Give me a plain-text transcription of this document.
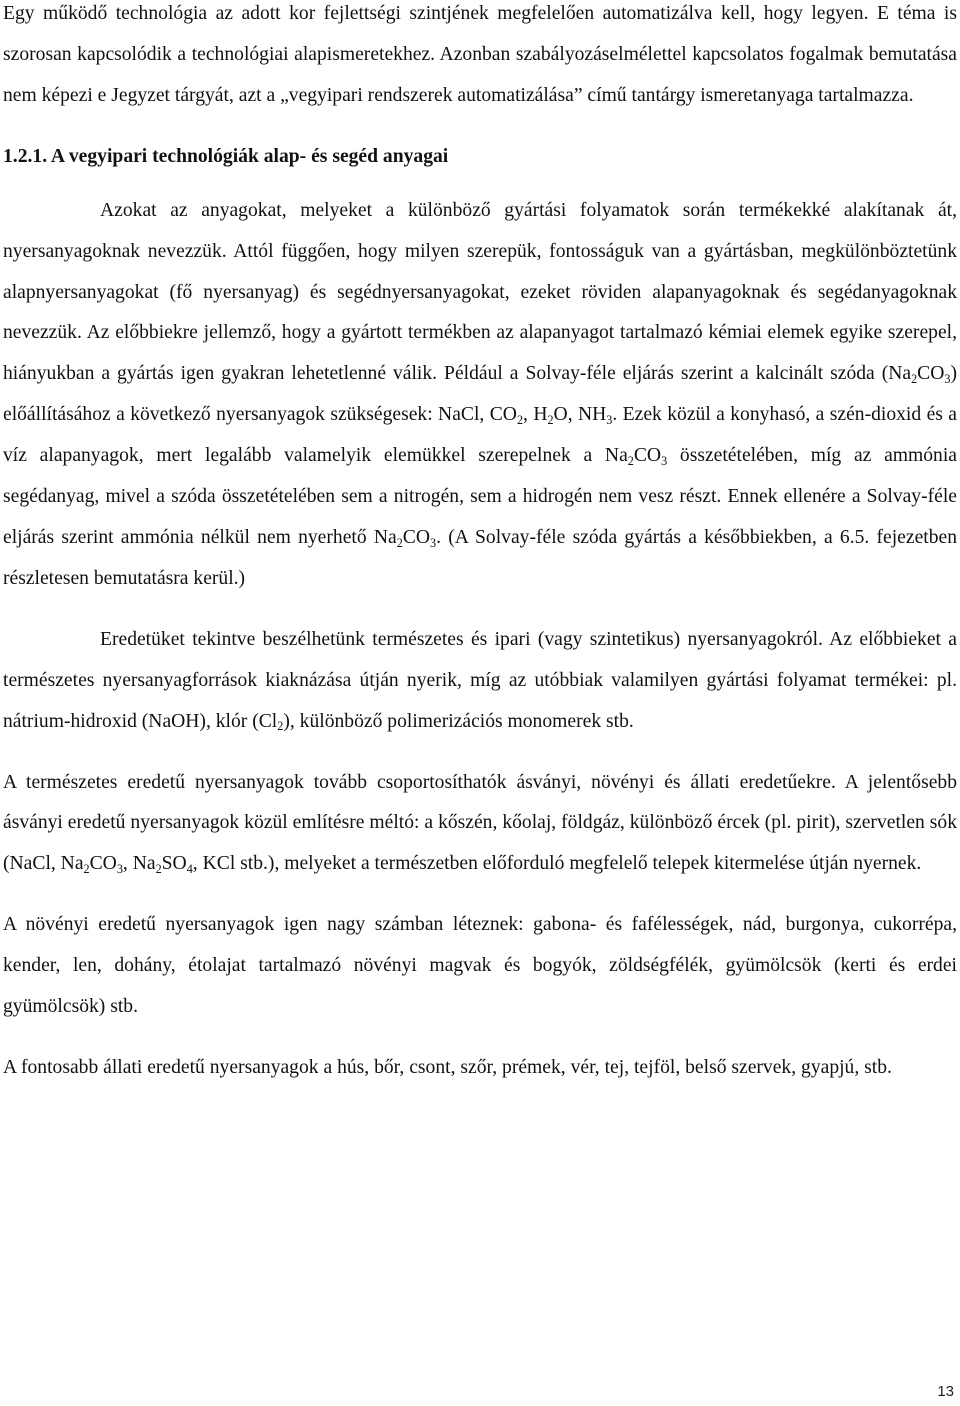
Egy működő technológia az adott kor fejlettségi szintjének megfelelően automatizálva kell, hogy legyen. E téma is szorosan kapcsolódik a technológiai alapismeretekhez. Azonban szabályozáselmélettel kapcsolatos fogalmak bemutatása nem képezi e Jegyzet tárgyát, azt a „vegyipari rendszerek automatizálása” című tantárgy ismeretanyaga tartalmazza.

1.2.1. A vegyipari technológiák alap- és segéd anyagai

Azokat az anyagokat, melyeket a különböző gyártási folyamatok során termékekké alakítanak át, nyersanyagoknak nevezzük. Attól függően, hogy milyen szerepük, fontosságuk van a gyártásban, megkülönböztetünk alapnyersanyagokat (fő nyersanyag) és segédnyersanyagokat, ezeket röviden alapanyagoknak és segédanyagoknak nevezzük. Az előbbiekre jellemző, hogy a gyártott termékben az alapanyagot tartalmazó kémiai elemek egyike szerepel, hiányukban a gyártás igen gyakran lehetetlenné válik. Például a Solvay-féle eljárás szerint a kalcinált szóda $(Na_2CO_3)$ előállításához a következő nyersanyagok szükségesek: NaCl, $CO_2$, $H_2O$, $NH_3$. Ezek közül a konyhasó, a szén-dioxid és a víz alapanyagok, mert legalább valamelyik elemükkel szerepelnek a $Na_2CO_3$ összetételében, míg az ammónia segédanyag, mivel a szóda összetételében sem a nitrogén, sem a hidrogén nem vesz részt. Ennek ellenére a Solvay-féle eljárás szerint ammónia nélkül nem nyerhető $Na_2CO_3$. (A Solvay-féle szóda gyártás a későbbiekben, a 6.5. fejezetben részletesen bemutatásra kerül.)

Eredetüket tekintve beszélhetünk természetes és ipari (vagy szintetikus) nyersanyagokról. Az előbbieket a természetes nyersanyagforrások kiaknázása útján nyerik, míg az utóbbiak valamilyen gyártási folyamat termékei: pl. nátrium-hidroxid (NaOH), klór $(Cl_2)$, különböző polimerizációs monomerek stb.

A természetes eredetű nyersanyagok tovább csoportosíthatók ásványi, növényi és állati eredetűekre. A jelentősebb ásványi eredetű nyersanyagok közül említésre méltó: a kőszén, kőolaj, földgáz, különböző ércek (pl. pirit), szervetlen sók (NaCl, $Na_2CO_3$, $Na_2SO_4$, KCl stb.), melyeket a természetben előforduló megfelelő telepek kitermelése útján nyernek.

A növényi eredetű nyersanyagok igen nagy számban léteznek: gabona- és fafélességek, nád, burgonya, cukorrépa, kender, len, dohány, étolajat tartalmazó növényi magvak és bogyók, zöldségfélék, gyümölcsök (kerti és erdei gyümölcsök) stb.

A fontosabb állati eredetű nyersanyagok a hús, bőr, csont, szőr, prémek, vér, tej, tejföl, belső szervek, gyapjú, stb.

13
